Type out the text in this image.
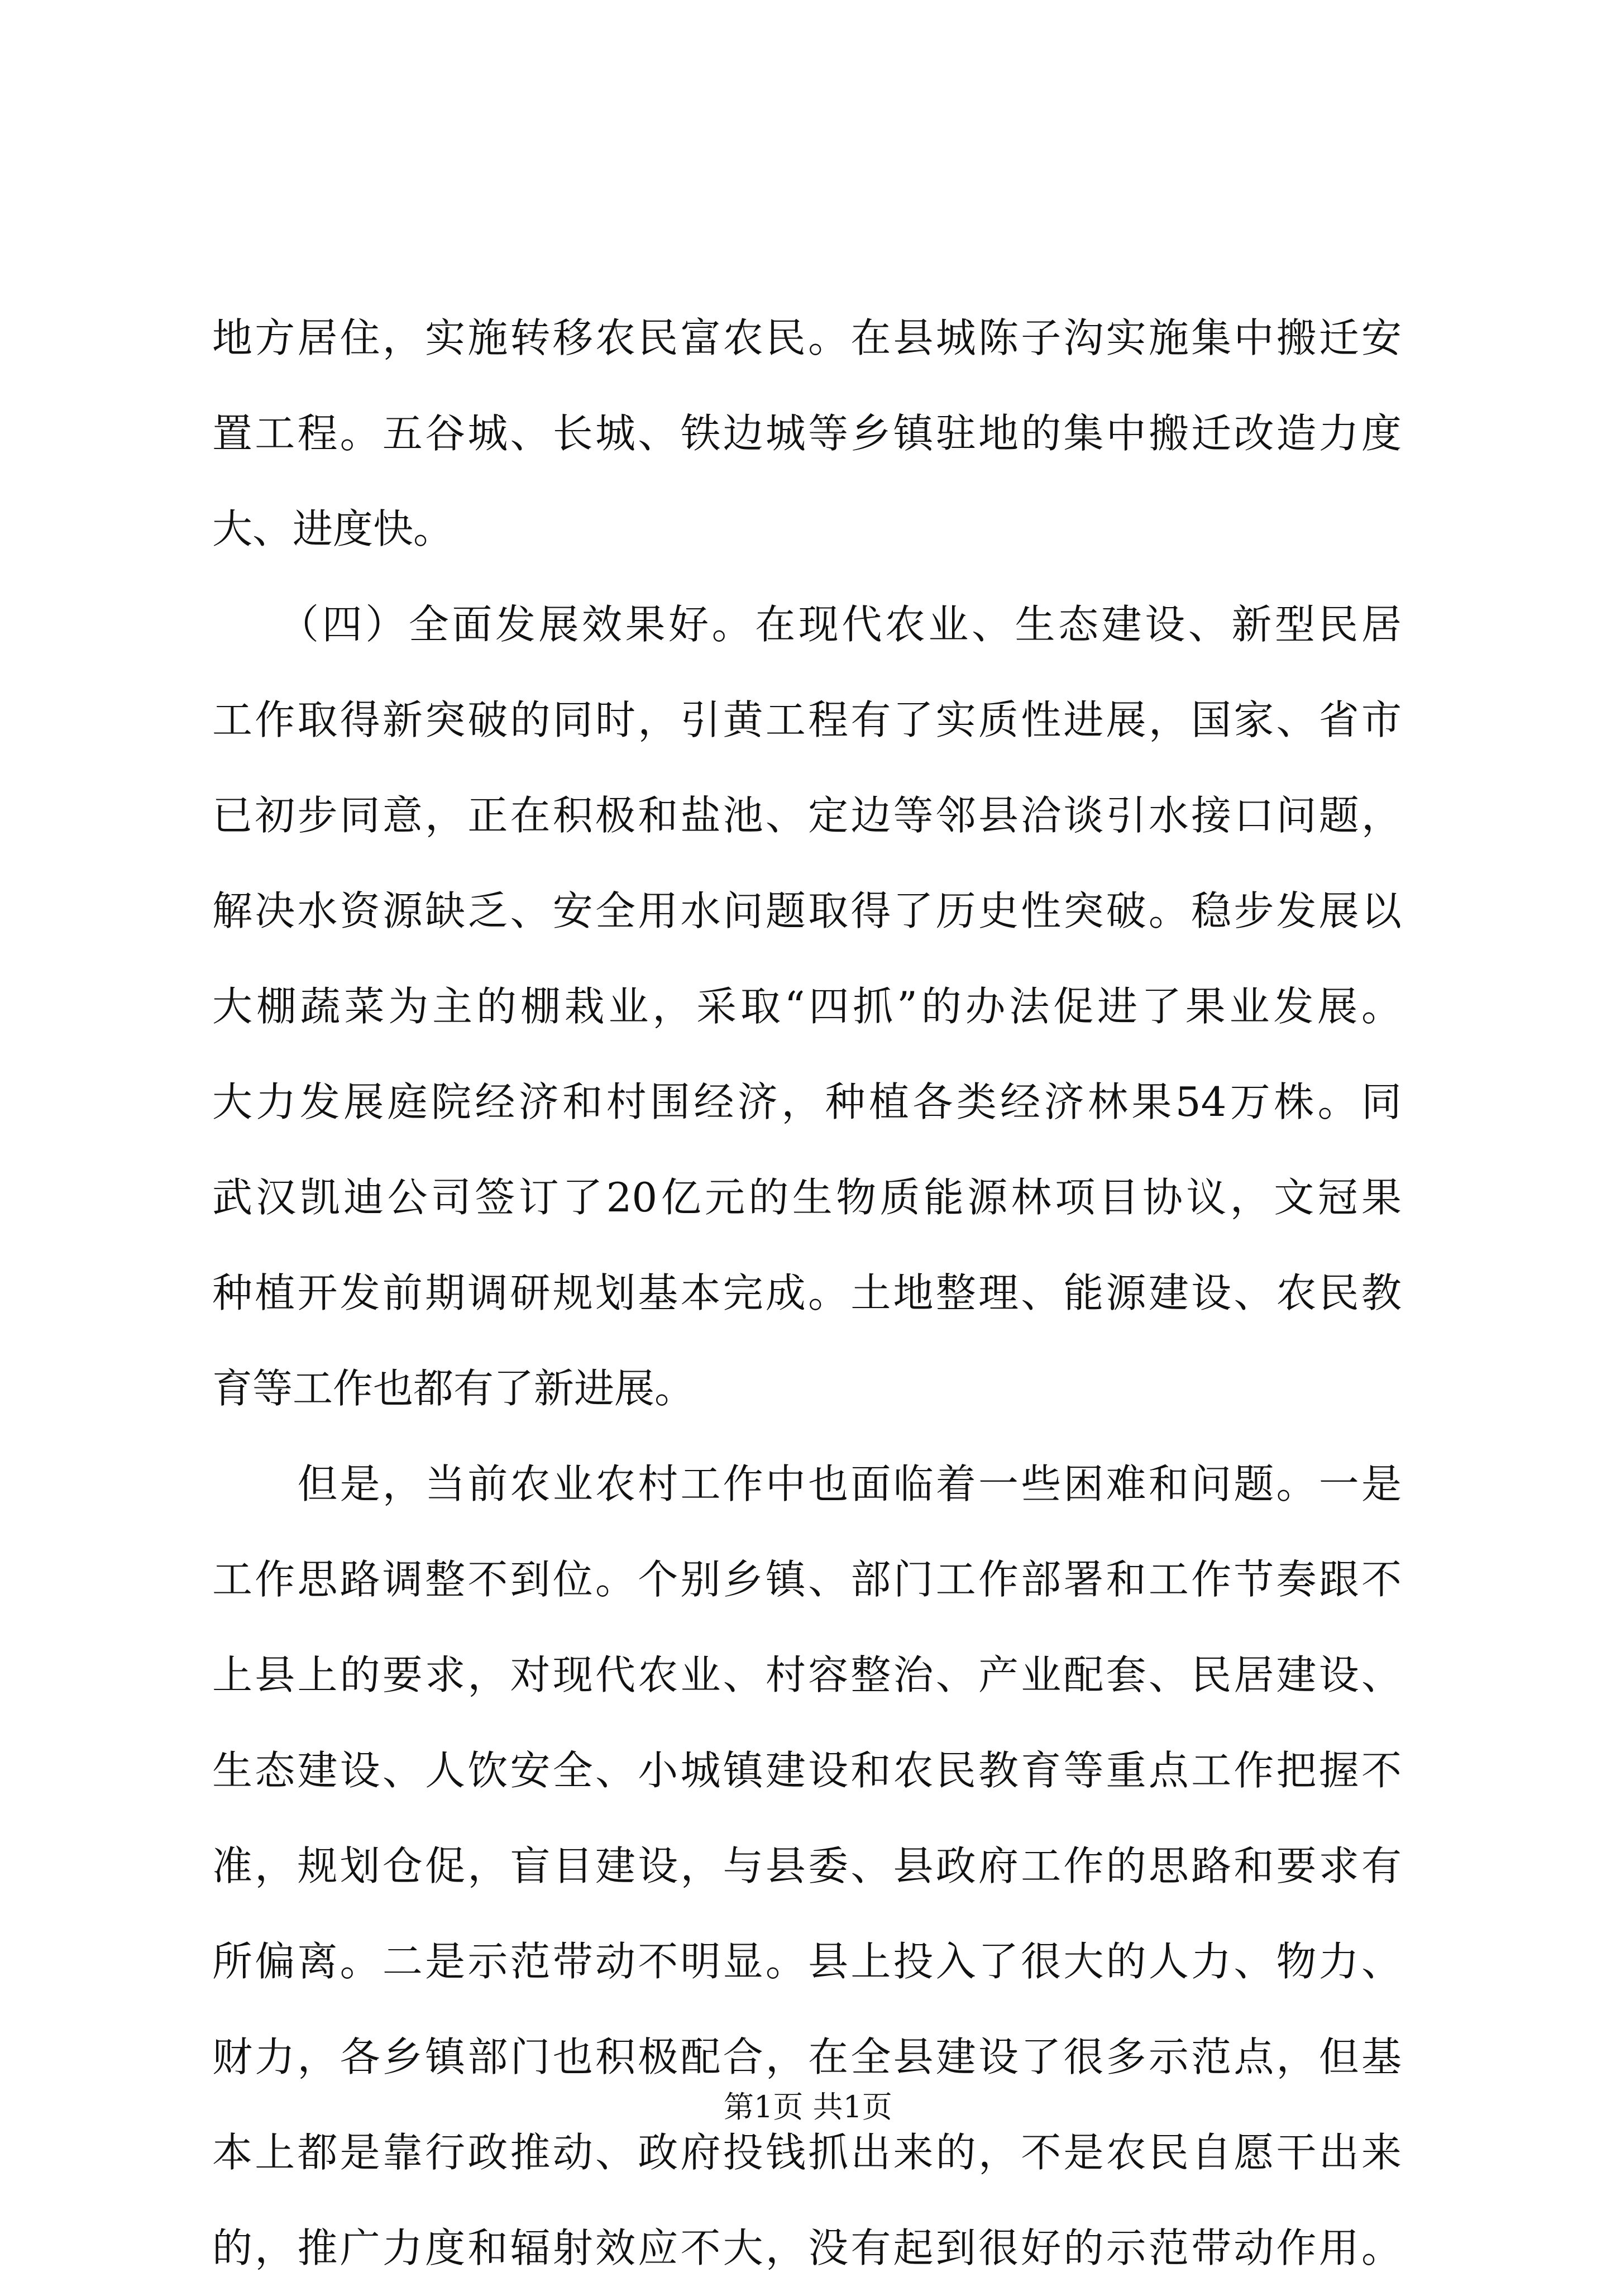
地方居住，实施转移农民富农民。在县城陈子沟实施集中搬迁安
置工程。五谷城、长城、铁边城等乡镇驻地的集中搬迁改造力度
大、进度快。
　　（四）全面发展效果好。在现代农业、生态建设、新型民居
工作取得新突破的同时，引黄工程有了实质性进展，国家、省市
已初步同意，正在积极和盐池、定边等邻县洽谈引水接口问题，
解决水资源缺乏、安全用水问题取得了历史性突破。稳步发展以
大棚蔬菜为主的棚栽业，采取“四抓”的办法促进了果业发展。
大力发展庭院经济和村围经济，种植各类经济林果54万株。同
武汉凯迪公司签订了20亿元的生物质能源林项目协议，文冠果
种植开发前期调研规划基本完成。土地整理、能源建设、农民教
育等工作也都有了新进展。
　　但是，当前农业农村工作中也面临着一些困难和问题。一是
工作思路调整不到位。个别乡镇、部门工作部署和工作节奏跟不
上县上的要求，对现代农业、村容整治、产业配套、民居建设、
生态建设、人饮安全、小城镇建设和农民教育等重点工作把握不
准，规划仓促，盲目建设，与县委、县政府工作的思路和要求有
所偏离。二是示范带动不明显。县上投入了很大的人力、物力、
财力，各乡镇部门也积极配合，在全县建设了很多示范点，但基
本上都是靠行政推动、政府投钱抓出来的，不是农民自愿干出来
的，推广力度和辐射效应不大，没有起到很好的示范带动作用。
第1页 共1页
